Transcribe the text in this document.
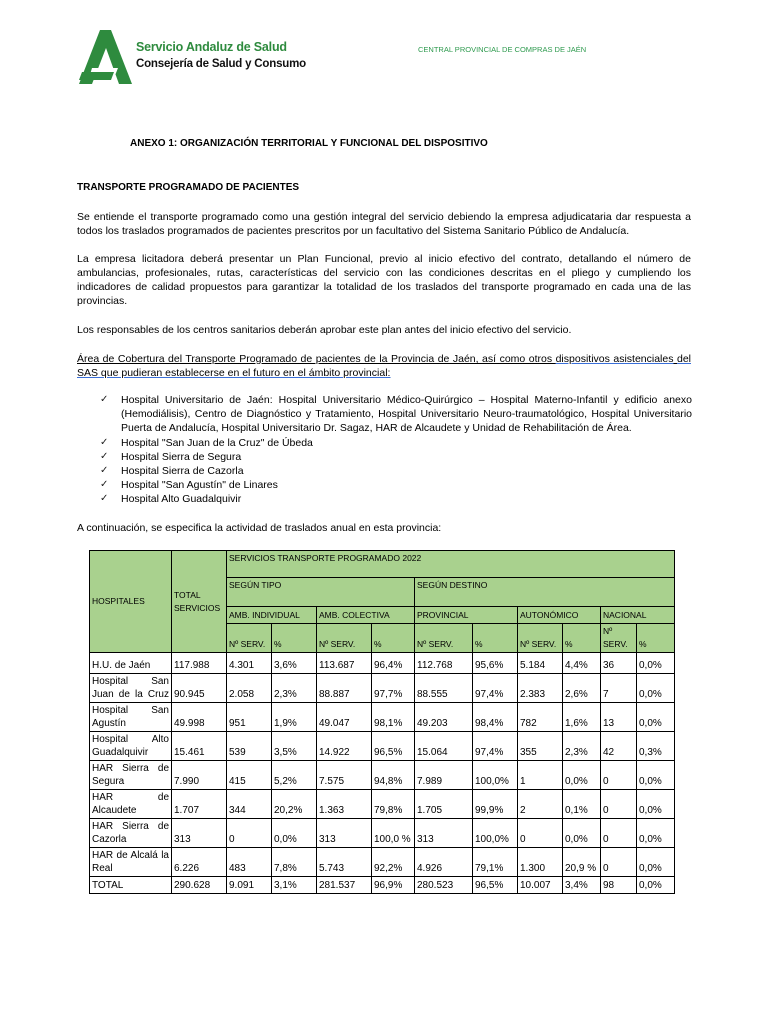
Servicio Andaluz de Salud
Consejería de Salud y Consumo
CENTRAL PROVINCIAL DE COMPRAS DE JAÉN
ANEXO 1: ORGANIZACIÓN TERRITORIAL Y FUNCIONAL DEL DISPOSITIVO
TRANSPORTE PROGRAMADO DE PACIENTES
Se entiende el transporte programado como una gestión integral del servicio debiendo la empresa adjudicataria dar respuesta a todos los traslados programados de pacientes prescritos por un facultativo del Sistema Sanitario Público de Andalucía.
La empresa licitadora deberá presentar un Plan Funcional, previo al inicio efectivo del contrato, detallando el número de ambulancias, profesionales, rutas, características del servicio con las condiciones descritas en el pliego y cumpliendo los indicadores de calidad propuestos para garantizar la totalidad de los traslados del transporte programado en cada una de las provincias.
Los responsables de los centros sanitarios deberán aprobar este plan antes del inicio efectivo del servicio.
Área de Cobertura del Transporte Programado de pacientes de la Provincia de Jaén, así como otros dispositivos asistenciales del SAS que pudieran establecerse en el futuro en el ámbito provincial:
✓ Hospital Universitario de Jaén: Hospital Universitario Médico-Quirúrgico – Hospital Materno-Infantil y edificio anexo (Hemodiálisis), Centro de Diagnóstico y Tratamiento, Hospital Universitario Neuro-traumatológico, Hospital Universitario Puerta de Andalucía, Hospital Universitario Dr. Sagaz, HAR de Alcaudete y Unidad de Rehabilitación de Área.
✓ Hospital "San Juan de la Cruz" de Úbeda
✓ Hospital Sierra de Segura
✓ Hospital Sierra de Cazorla
✓ Hospital "San Agustín" de Linares
✓ Hospital Alto Guadalquivir
A continuación, se especifica la actividad de traslados anual en esta provincia:
HOSPITALES	TOTAL SERVICIOS	SERVICIOS TRANSPORTE PROGRAMADO 2022									
		SEGÚN TIPO				SEGÚN DESTINO					
		AMB. INDIVIDUAL		AMB. COLECTIVA		PROVINCIAL		AUTONÓMICO		NACIONAL	
		Nº SERV.	%	Nº SERV.	%	Nº SERV.	%	Nº SERV.	%	Nº SERV.	%
H.U. de Jaén	117.988	4.301	3,6%	113.687	96,4%	112.768	95,6%	5.184	4,4%	36	0,0%
Hospital San Juan de la Cruz	90.945	2.058	2,3%	88.887	97,7%	88.555	97,4%	2.383	2,6%	7	0,0%
Hospital San Agustín	49.998	951	1,9%	49.047	98,1%	49.203	98,4%	782	1,6%	13	0,0%
Hospital Alto Guadalquivir	15.461	539	3,5%	14.922	96,5%	15.064	97,4%	355	2,3%	42	0,3%
HAR Sierra de Segura	7.990	415	5,2%	7.575	94,8%	7.989	100,0%	1	0,0%	0	0,0%
HAR de Alcaudete	1.707	344	20,2%	1.363	79,8%	1.705	99,9%	2	0,1%	0	0,0%
HAR Sierra de Cazorla	313	0	0,0%	313	100,0 %	313	100,0%	0	0,0%	0	0,0%
HAR de Alcalá la Real	6.226	483	7,8%	5.743	92,2%	4.926	79,1%	1.300	20,9 %	0	0,0%
TOTAL	290.628	9.091	3,1%	281.537	96,9%	280.523	96,5%	10.007	3,4%	98	0,0%
